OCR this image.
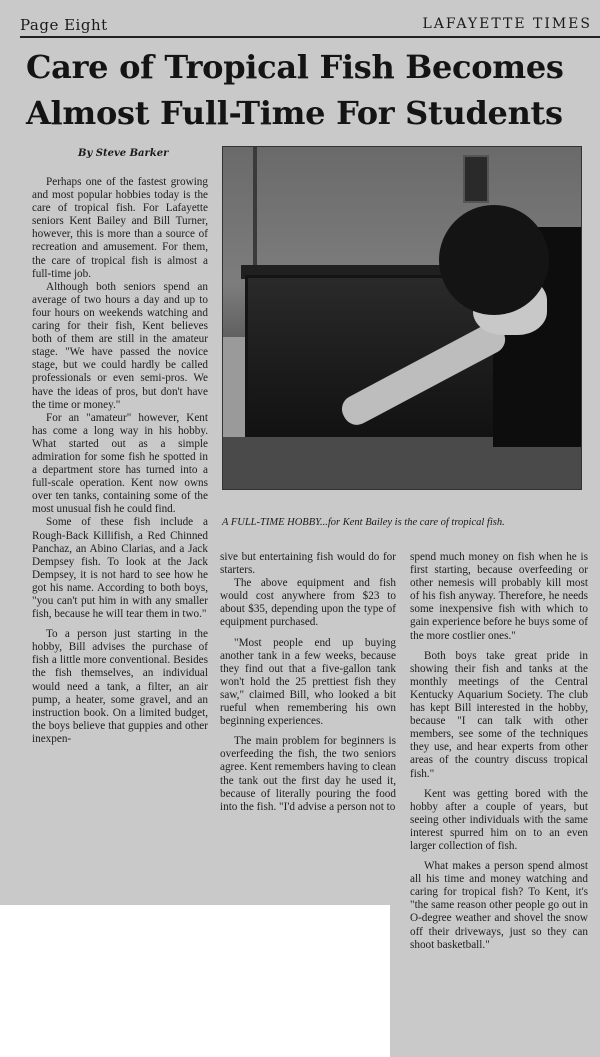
Page Eight	LAFAYETTE TIMES
Care of Tropical Fish Becomes
Almost Full-Time For Students
By Steve Barker

Perhaps one of the fastest growing and most popular hobbies today is the care of tropical fish. For Lafayette seniors Kent Bailey and Bill Turner, however, this is more than a source of recreation and amusement. For them, the care of tropical fish is almost a full-time job.

Although both seniors spend an average of two hours a day and up to four hours on weekends watching and caring for their fish, Kent believes both of them are still in the amateur stage. "We have passed the novice stage, but we could hardly be called professionals or even semi-pros. We have the ideas of pros, but don't have the time or money."

For an "amateur" however, Kent has come a long way in his hobby. What started out as a simple admiration for some fish he spotted in a department store has turned into a full-scale operation. Kent now owns over ten tanks, containing some of the most unusual fish he could find.

Some of these fish include a Rough-Back Killifish, a Red Chinned Panchaz, an Abino Clarias, and a Jack Dempsey fish. To look at the Jack Dempsey, it is not hard to see how he got his name. According to both boys, "you can't put him in with any smaller fish, because he will tear them in two."

To a person just starting in the hobby, Bill advises the purchase of fish a little more conventional. Besides the fish themselves, an individual would need a tank, a filter, an air pump, a heater, some gravel, and an instruction book. On a limited budget, the boys believe that guppies and other inexpen-

A FULL-TIME HOBBY...for Kent Bailey is the care of tropical fish.

sive but entertaining fish would do for starters.

The above equipment and fish would cost anywhere from $23 to about $35, depending upon the type of equipment purchased.

"Most people end up buying another tank in a few weeks, because they find out that a five-gallon tank won't hold the 25 prettiest fish they saw," claimed Bill, who looked a bit rueful when remembering his own beginning experiences.

The main problem for beginners is overfeeding the fish, the two seniors agree. Kent remembers having to clean the tank out the first day he used it, because of literally pouring the food into the fish. "I'd advise a person not to

spend much money on fish when he is first starting, because overfeeding or other nemesis will probably kill most of his fish anyway. Therefore, he needs some inexpensive fish with which to gain experience before he buys some of the more costlier ones."

Both boys take great pride in showing their fish and tanks at the monthly meetings of the Central Kentucky Aquarium Society. The club has kept Bill interested in the hobby, because "I can talk with other members, see some of the techniques they use, and hear experts from other areas of the country discuss tropical fish."

Kent was getting bored with the hobby after a couple of years, but seeing other individuals with the same interest spurred him on to an even larger collection of fish.

What makes a person spend almost all his time and money watching and caring for tropical fish? To Kent, it's "the same reason other people go out in O-degree weather and shovel the snow off their driveways, just so they can shoot basketball."
